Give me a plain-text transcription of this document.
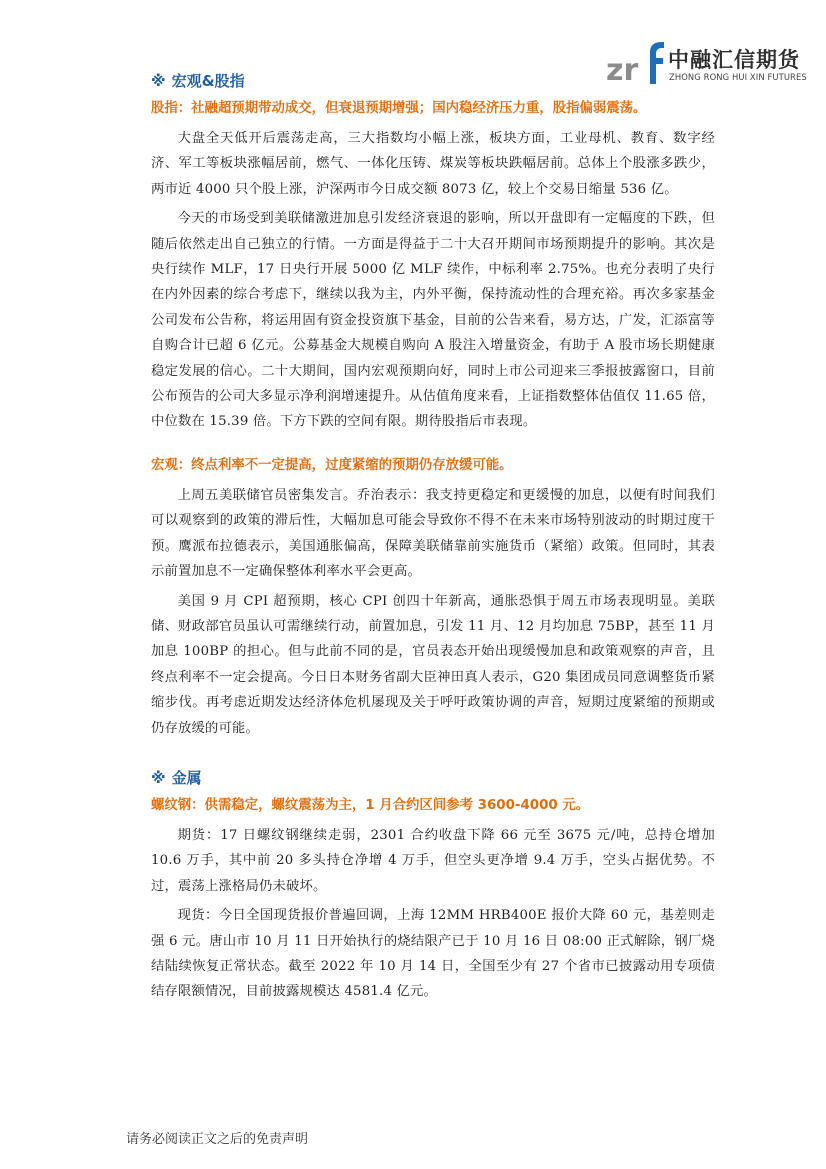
zr 中融汇信期货
ZHONG RONG HUI XIN FUTURES
※ 宏观&股指
股指：社融超预期带动成交，但衰退预期增强；国内稳经济压力重，股指偏弱震荡。

大盘全天低开后震荡走高，三大指数均小幅上涨，板块方面，工业母机、教育、数字经济、军工等板块涨幅居前，燃气、一体化压铸、煤炭等板块跌幅居前。总体上个股涨多跌少，两市近 4000 只个股上涨，沪深两市今日成交额 8073 亿，较上个交易日缩量 536 亿。

今天的市场受到美联储激进加息引发经济衰退的影响，所以开盘即有一定幅度的下跌，但随后依然走出自己独立的行情。一方面是得益于二十大召开期间市场预期提升的影响。其次是央行续作 MLF，17 日央行开展 5000 亿 MLF 续作，中标利率 2.75%。也充分表明了央行在内外因素的综合考虑下，继续以我为主，内外平衡，保持流动性的合理充裕。再次多家基金公司发布公告称，将运用固有资金投资旗下基金，目前的公告来看，易方达，广发，汇添富等自购合计已超 6 亿元。公募基金大规模自购向 A 股注入增量资金，有助于 A 股市场长期健康稳定发展的信心。二十大期间，国内宏观预期向好，同时上市公司迎来三季报披露窗口，目前公布预告的公司大多显示净利润增速提升。从估值角度来看，上证指数整体估值仅 11.65 倍，中位数在 15.39 倍。下方下跌的空间有限。期待股指后市表现。

宏观：终点利率不一定提高，过度紧缩的预期仍存放缓可能。

上周五美联储官员密集发言。乔治表示：我支持更稳定和更缓慢的加息，以便有时间我们可以观察到的政策的滞后性，大幅加息可能会导致你不得不在未来市场特别波动的时期过度干预。鹰派布拉德表示，美国通胀偏高，保障美联储靠前实施货币（紧缩）政策。但同时，其表示前置加息不一定确保整体利率水平会更高。

美国 9 月 CPI 超预期，核心 CPI 创四十年新高，通胀恐惧于周五市场表现明显。美联储、财政部官员虽认可需继续行动，前置加息，引发 11 月、12 月均加息 75BP，甚至 11 月加息 100BP 的担心。但与此前不同的是，官员表态开始出现缓慢加息和政策观察的声音，且终点利率不一定会提高。今日日本财务省副大臣神田真人表示，G20 集团成员同意调整货币紧缩步伐。再考虑近期发达经济体危机屡现及关于呼吁政策协调的声音，短期过度紧缩的预期或仍存放缓的可能。

※ 金属
螺纹钢：供需稳定，螺纹震荡为主，1 月合约区间参考 3600-4000 元。

期货：17 日螺纹钢继续走弱，2301 合约收盘下降 66 元至 3675 元/吨，总持仓增加 10.6 万手，其中前 20 多头持仓净增 4 万手，但空头更净增 9.4 万手，空头占据优势。不过，震荡上涨格局仍未破坏。

现货：今日全国现货报价普遍回调，上海 12MM HRB400E 报价大降 60 元，基差则走强 6 元。唐山市 10 月 11 日开始执行的烧结限产已于 10 月 16 日 08:00 正式解除，钢厂烧结陆续恢复正常状态。截至 2022 年 10 月 14 日，全国至少有 27 个省市已披露动用专项债结存限额情况，目前披露规模达 4581.4 亿元。

请务必阅读正文之后的免责声明
